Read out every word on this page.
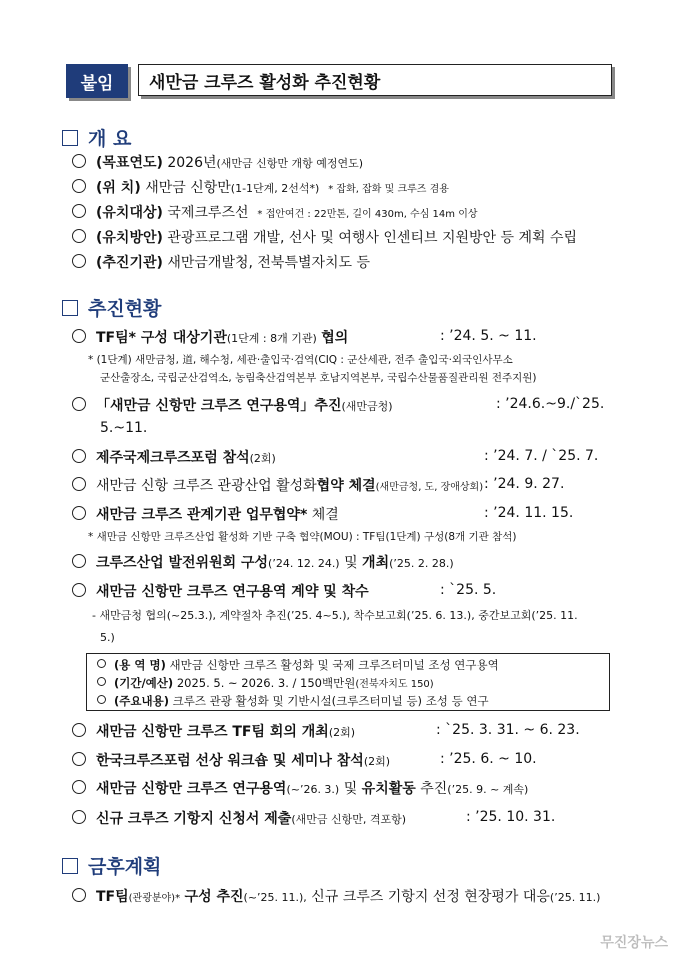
붙임	새만금 크루즈 활성화 추진현황
개 요
(목표연도) 2026년(새만금 신항만 개항 예정연도)
(위 치) 새만금 신항만(1-1단계, 2선석*) * 잡화, 잡화 및 크루즈 겸용
(유치대상) 국제크루즈선 * 접안여건 : 22만톤, 길이 430m, 수심 14m 이상
(유치방안) 관광프로그램 개발, 선사 및 여행사 인센티브 지원방안 등 계획 수립
(추진기관) 새만금개발청, 전북특별자치도 등
추진현황
TF팀* 구성 대상기관(1단계 : 8개 기관) 협의	: ’24. 5. ~ 11.
* (1단계) 새만금청, 道, 해수청, 세관·출입국·검역(CIQ : 군산세관, 전주 출입국·외국인사무소
군산출장소, 국립군산검역소, 농림축산검역본부 호남지역본부, 국립수산물품질관리원 전주지원)
「새만금 신항만 크루즈 연구용역」추진(새만금청)	: ’24.6.~9./`25.
5.~11.
제주국제크루즈포럼 참석(2회)	: ’24. 7. / `25. 7.
새만금 신항 크루즈 관광산업 활성화협약 체결(새만금청, 도, 장애상회) : ’24. 9. 27.
새만금 크루즈 관계기관 업무협약* 체결	: ’24. 11. 15.
* 새만금 신항만 크루즈산업 활성화 기반 구축 협약(MOU) : TF팀(1단계) 구성(8개 기관 참석)
크루즈산업 발전위원회 구성(’24. 12. 24.) 및 개최(’25. 2. 28.)
새만금 신항만 크루즈 연구용역 계약 및 착수	: `25. 5.
- 새만금청 협의(~25.3.), 계약절차 추진(’25. 4~5.), 착수보고회(’25. 6. 13.), 중간보고회(’25. 11.
5.)
(용 역 명) 새만금 신항만 크루즈 활성화 및 국제 크루즈터미널 조성 연구용역
(기간/예산) 2025. 5. ~ 2026. 3. / 150백만원(전북자치도 150)
(주요내용) 크루즈 관광 활성화 및 기반시설(크루즈터미널 등) 조성 등 연구
새만금 신항만 크루즈 TF팀 회의 개최(2회)	: `25. 3. 31. ~ 6. 23.
한국크루즈포럼 선상 워크숍 및 세미나 참석(2회)	: ’25. 6. ~ 10.
새만금 신항만 크루즈 연구용역(~’26. 3.) 및 유치활동 추진(’25. 9. ~ 계속)
신규 크루즈 기항지 신청서 제출(새만금 신항만, 격포항)	: ’25. 10. 31.
금후계획
TF팀(관광분야)* 구성 추진(~’25. 11.), 신규 크루즈 기항지 선정 현장평가 대응(’25. 11.)
무진장뉴스
